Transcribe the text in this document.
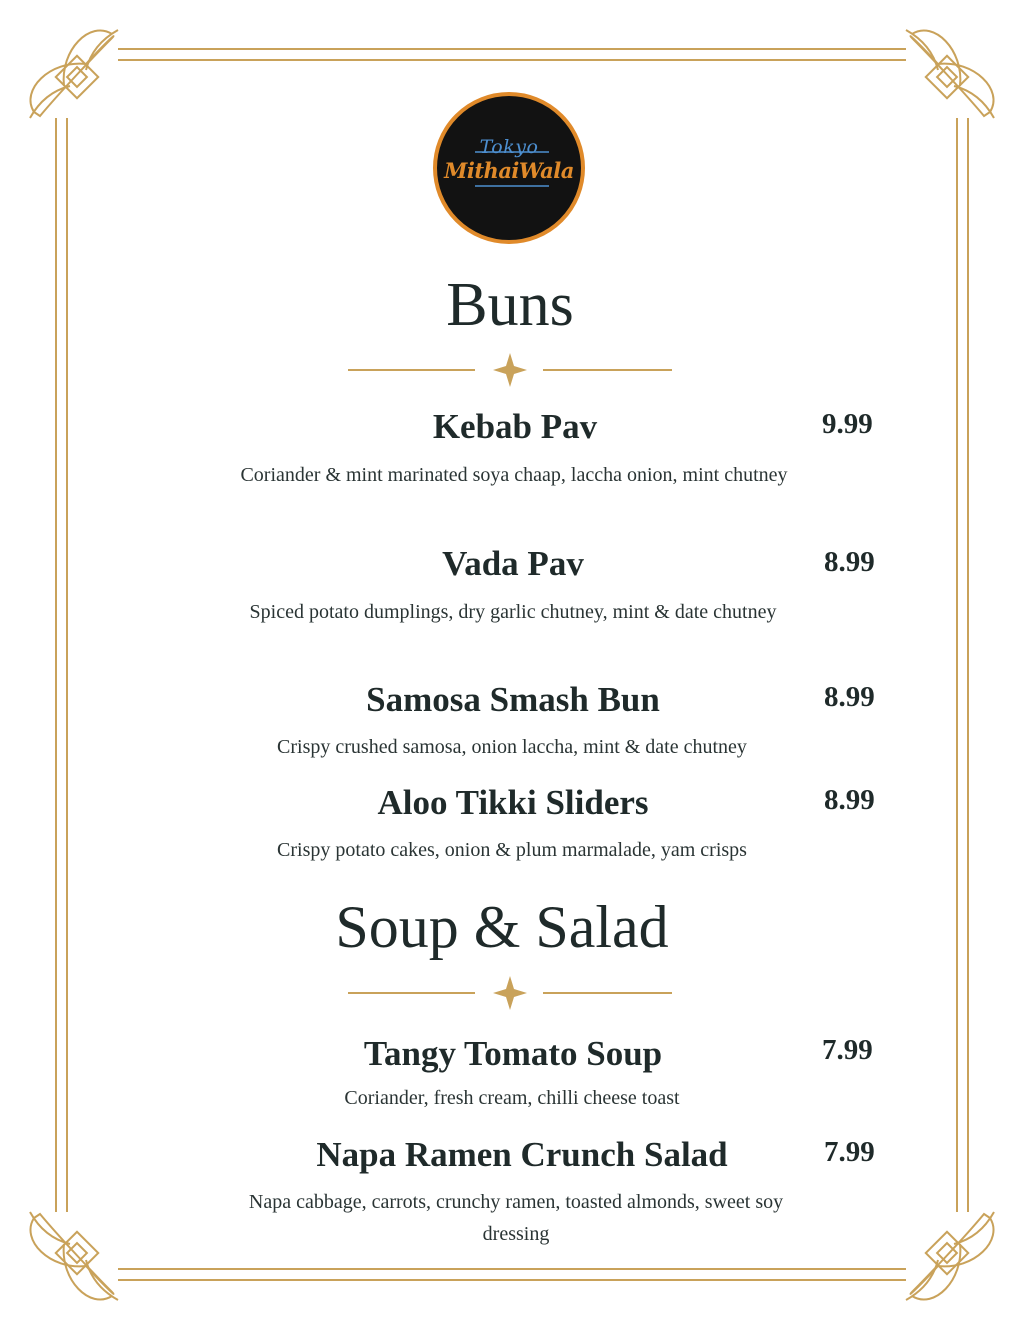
Tokyo
MithaiWala
Buns
Kebab Pav	9.99

Coriander & mint marinated soya chaap, laccha onion, mint chutney

Vada Pav	8.99

Spiced potato dumplings, dry garlic chutney, mint & date chutney

Samosa Smash Bun	8.99

Crispy crushed samosa, onion laccha, mint & date chutney

Aloo Tikki Sliders	8.99

Crispy potato cakes, onion & plum marmalade, yam crisps

Soup & Salad
Tangy Tomato Soup	7.99

Coriander, fresh cream, chilli cheese toast

Napa Ramen Crunch Salad	7.99

Napa cabbage, carrots, crunchy ramen, toasted almonds, sweet soy dressing
